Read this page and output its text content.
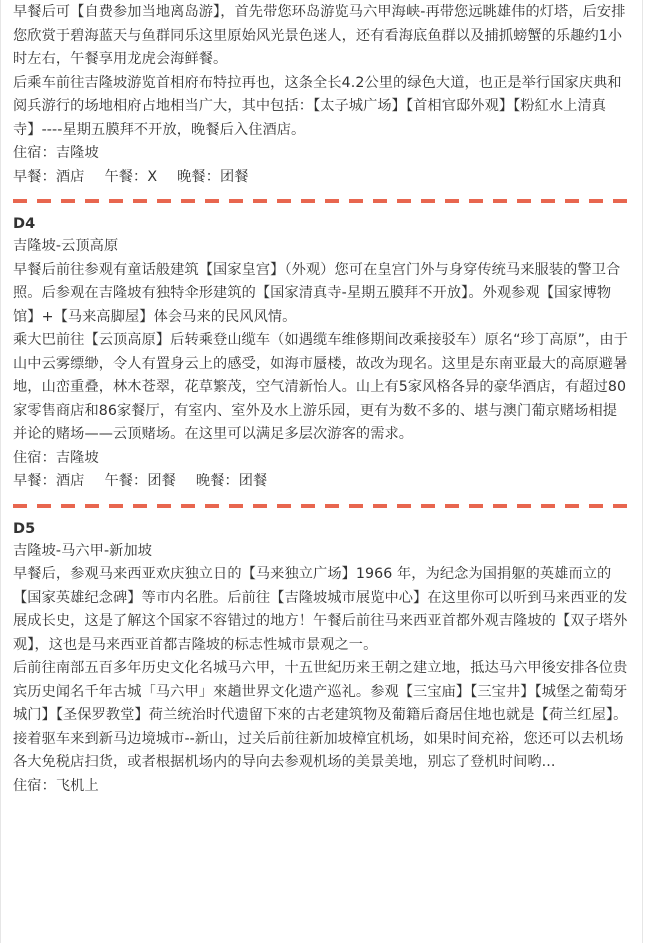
早餐后可【自费参加当地离岛游】，首先带您环岛游览马六甲海峡-再带您远眺雄伟的灯塔，后安排您欣赏于碧海蓝天与鱼群同乐这里原始风光景色迷人，还有看海底鱼群以及捕抓螃蟹的乐趣约1小时左右，午餐享用龙虎会海鲜餐。

后乘车前往吉隆坡游览首相府布特拉再也，这条全长4.2公里的绿色大道，也正是举行国家庆典和阅兵游行的场地相府占地相当广大，其中包括：【太子城广场】【首相官邸外观】【粉紅水上清真寺】----星期五膜拜不开放，晚餐后入住酒店。

住宿：吉隆坡

早餐：酒店 午餐：X 晚餐：团餐

D4

吉隆坡-云顶高原

早餐后前往参观有童话般建筑【国家皇宫】（外观）您可在皇宫门外与身穿传统马来服装的警卫合照。后参观在吉隆坡有独特伞形建筑的【国家清真寺-星期五膜拜不开放】。外观参观【国家博物馆】+【马来高脚屋】体会马来的民风风情。

乘大巴前往【云顶高原】后转乘登山缆车（如遇缆车维修期间改乘接驳车）原名“珍丁高原”，由于山中云雾缥缈，令人有置身云上的感受，如海市蜃楼，故改为现名。这里是东南亚最大的高原避暑地，山峦重叠，林木苍翠，花草繁茂，空气清新怡人。山上有5家风格各异的豪华酒店，有超过80家零售商店和86家餐厅，有室内、室外及水上游乐园，更有为数不多的、堪与澳门葡京赌场相提并论的赌场——云顶赌场。在这里可以满足多层次游客的需求。

住宿：吉隆坡

早餐：酒店 午餐：团餐 晚餐：团餐

D5

吉隆坡-马六甲-新加坡

早餐后，参观马来西亚欢庆独立日的【马来独立广场】1966 年，为纪念为国捐躯的英雄而立的【国家英雄纪念碑】等市内名胜。后前往【吉隆坡城市展览中心】在这里你可以听到马来西亚的发展成长史，这是了解这个国家不容错过的地方！午餐后前往马来西亚首都外观吉隆坡的【双子塔外观】，这也是马来西亚首都吉隆坡的标志性城市景观之一。

后前往南部五百多年历史文化名城马六甲，十五世紀历来王朝之建立地，抵达马六甲後安排各位贵宾历史闻名千年古城「马六甲」來趟世界文化遗产巡礼。参观【三宝庙】【三宝井】【城堡之葡萄牙城门】【圣保罗教堂】荷兰统治时代遗留下來的古老建筑物及葡籍后裔居住地也就是【荷兰红屋】。

接着驱车来到新马边境城市--新山，过关后前往新加坡樟宜机场，如果时间充裕，您还可以去机场各大免税店扫货，或者根据机场内的导向去参观机场的美景美地，别忘了登机时间哟...

住宿：飞机上
